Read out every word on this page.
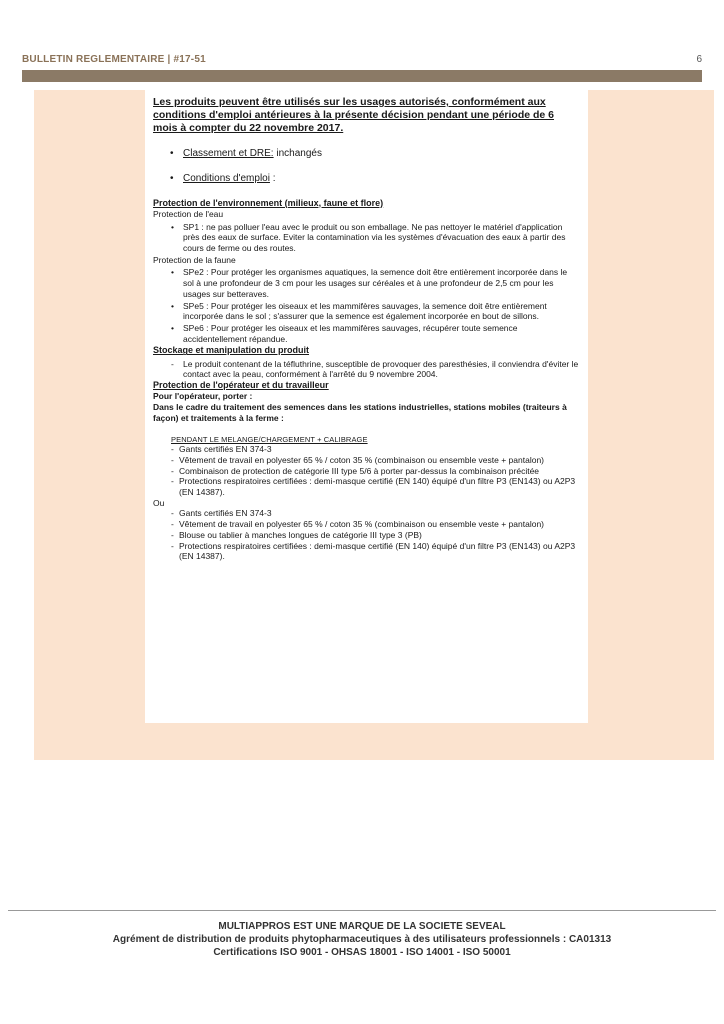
BULLETIN REGLEMENTAIRE | #17-51	6

Les produits peuvent être utilisés sur les usages autorisés, conformément aux conditions d'emploi antérieures à la présente décision pendant une période de 6 mois à compter du 22 novembre 2017.

• Classement et DRE: inchangés
• Conditions d'emploi :

Protection de l'environnement (milieux, faune et flore)

Protection de l'eau

• SP1 : ne pas polluer l'eau avec le produit ou son emballage. Ne pas nettoyer le matériel d'application près des eaux de surface. Eviter la contamination via les systèmes d'évacuation des eaux à partir des cours de ferme ou des routes.

Protection de la faune

• SPe2 : Pour protéger les organismes aquatiques, la semence doit être entièrement incorporée dans le sol à une profondeur de 3 cm pour les usages sur céréales et à une profondeur de 2,5 cm pour les usages sur betteraves.
• SPe5 : Pour protéger les oiseaux et les mammifères sauvages, la semence doit être entièrement incorporée dans le sol ; s'assurer que la semence est également incorporée en bout de sillons.
• SPe6 : Pour protéger les oiseaux et les mammifères sauvages, récupérer toute semence accidentellement répandue.

Stockage et manipulation du produit

- Le produit contenant de la téfluthrine, susceptible de provoquer des paresthésies, il conviendra d'éviter le contact avec la peau, conformément à l'arrêté du 9 novembre 2004.

Protection de l'opérateur et du travailleur

Pour l'opérateur, porter :
Dans le cadre du traitement des semences dans les stations industrielles, stations mobiles (traiteurs à façon) et traitements à la ferme :

PENDANT LE MELANGE/CHARGEMENT + CALIBRAGE
- Gants certifiés EN 374-3
- Vêtement de travail en polyester 65 % / coton 35 % (combinaison ou ensemble veste + pantalon)
- Combinaison de protection de catégorie III type 5/6 à porter par-dessus la combinaison précitée
- Protections respiratoires certifiées : demi-masque certifié (EN 140) équipé d'un filtre P3 (EN143) ou A2P3 (EN 14387).

Ou

- Gants certifiés EN 374-3
- Vêtement de travail en polyester 65 % / coton 35 % (combinaison ou ensemble veste + pantalon)
- Blouse ou tablier à manches longues de catégorie III type 3 (PB)
- Protections respiratoires certifiées : demi-masque certifié (EN 140) équipé d'un filtre P3 (EN143) ou A2P3 (EN 14387).
MULTIAPPROS EST UNE MARQUE DE LA SOCIETE SEVEAL
Agrément de distribution de produits phytopharmaceutiques à des utilisateurs professionnels : CA01313
Certifications ISO 9001 - OHSAS 18001 - ISO 14001 - ISO 50001
